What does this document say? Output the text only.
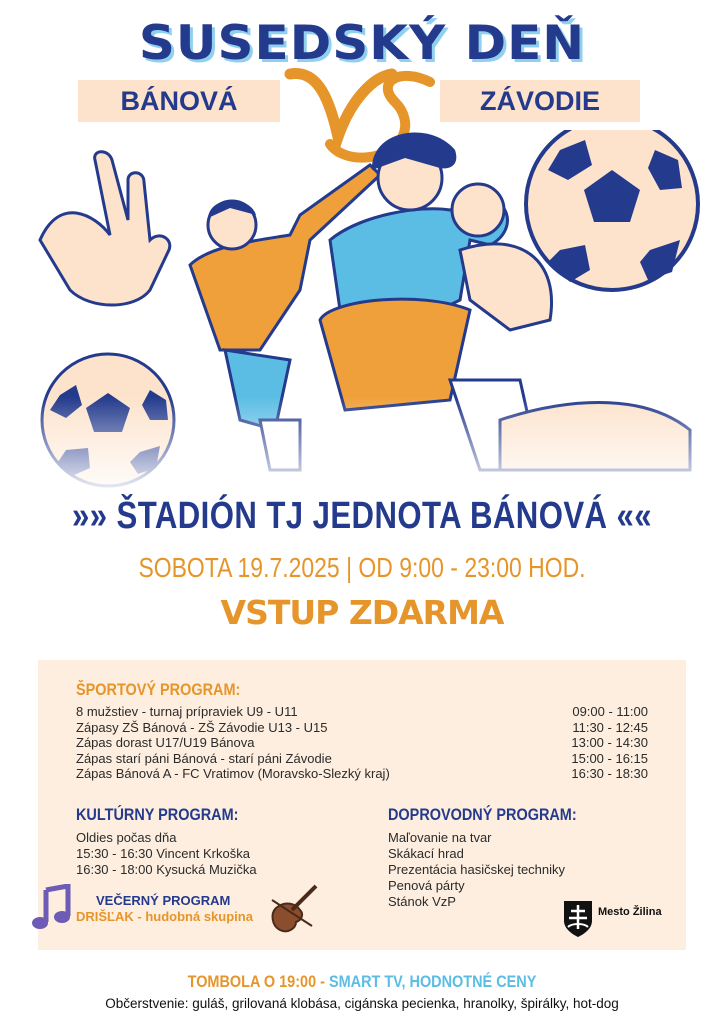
SUSEDSKÝ DEŇ
BÁNOVÁ	ZÁVODIE
»» ŠTADIÓN TJ JEDNOTA BÁNOVÁ ««
SOBOTA 19.7.2025 | OD 9:00 - 23:00 HOD.
VSTUP ZDARMA
ŠPORTOVÝ PROGRAM:
8 mužstiev - turnaj prípraviek U9 - U11	09:00 - 11:00
Zápasy ZŠ Bánová - ZŠ Závodie U13 - U15	11:30 - 12:45
Zápas dorast U17/U19 Bánova	13:00 - 14:30
Zápas starí páni Bánová - starí páni Závodie	15:00 - 16:15
Zápas Bánová A - FC Vratimov (Moravsko-Slezký kraj)	16:30 - 18:30
KULTÚRNY PROGRAM:
Oldies počas dňa
15:30 - 16:30 Vincent Krkoška
16:30 - 18:00 Kysucká Muzička
VEČERNÝ PROGRAM
DRIŠĽAK - hudobná skupina
DOPROVODNÝ PROGRAM:
Maľovanie na tvar
Skákací hrad
Prezentácia hasičskej techniky
Penová párty
Stánok VzP
Mesto Žilina
TOMBOLA O 19:00 - SMART TV, HODNOTNÉ CENY
Občerstvenie: guláš, grilovaná klobása, cigánska pecienka, hranolky, špirálky, hot-dog
